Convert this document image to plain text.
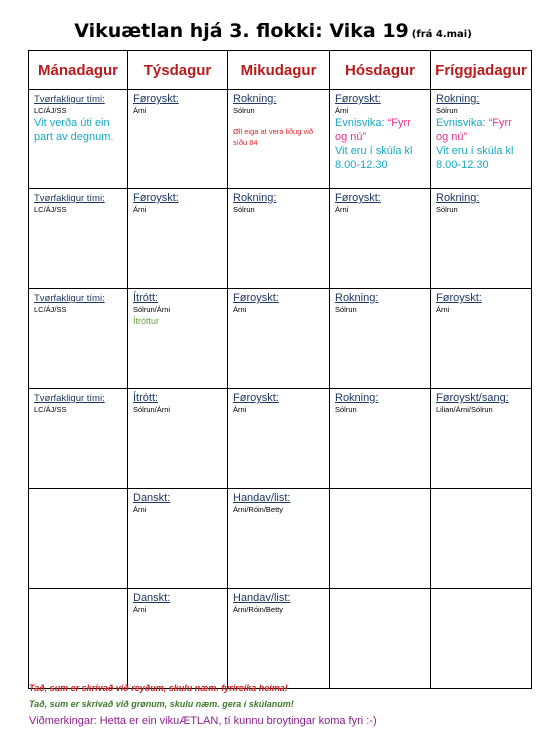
Vikuætlan hjá 3. flokki: Vika 19 (frá 4.mai)
Mánadagur	Týsdagur	Mikudagur	Hósdagur	Fríggjadagur

Tvørfakligur tími:
LC/ÁJ/SS
Vit verða úti ein part av degnum.	Føroyskt:
Árni	Rokning:
Sólrun
Øll eiga at vera liðug við síðu 84	Føroyskt:
Árni
Evnisvika: “Fyrr og nú”
Vit eru í skúla kl 8.00-12.30	Rokning:
Sólrun
Evnisvika: “Fyrr og nú”
Vit eru í skúla kl 8.00-12.30

Tvørfakligur tími:
LC/ÁJ/SS	Føroyskt:
Árni	Rokning:
Sólrun	Føroyskt:
Árni	Rokning:
Sólrun

Tvørfakligur tími:
LC/ÁJ/SS	Ítrótt:
Sólrun/Árni
Ítróttur	Føroyskt:
Árni	Rokning:
Sólrun	Føroyskt:
Árni

Tvørfakligur tími:
LC/ÁJ/SS	Ítrótt:
Sólrun/Árni	Føroyskt:
Árni	Rokning:
Sólrun	Føroyskt/sang:
Lilian/Árni/Sólrun

	Danskt:
Árni	Handav/list:
Árni/Róin/Betty		

	Danskt:
Árni	Handav/list:
Árni/Róin/Betty		

Tað, sum er skrivað við reyðum, skulu næm. fyrireika heima!
Tað, sum er skrivað við grønum, skulu næm. gera í skúlanum!
Viðmerkingar: Hetta er ein vikuÆTLAN, tí kunnu broytingar koma fyri :-)
